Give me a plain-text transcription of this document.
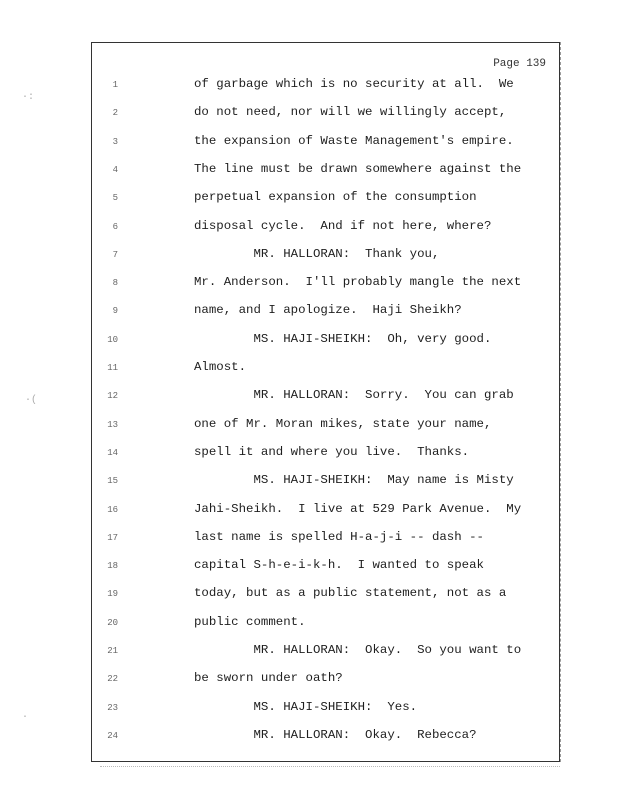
·:
·(
·
Page 139
1	of garbage which is no security at all.  We
2	do not need, nor will we willingly accept,
3	the expansion of Waste Management's empire.
4	The line must be drawn somewhere against the
5	perpetual expansion of the consumption
6	disposal cycle.  And if not here, where?
7	MR. HALLORAN:  Thank you,
8	Mr. Anderson.  I'll probably mangle the next
9	name, and I apologize.  Haji Sheikh?
10	MS. HAJI-SHEIKH:  Oh, very good.
11	Almost.
12	MR. HALLORAN:  Sorry.  You can grab
13	one of Mr. Moran mikes, state your name,
14	spell it and where you live.  Thanks.
15	MS. HAJI-SHEIKH:  May name is Misty
16	Jahi-Sheikh.  I live at 529 Park Avenue.  My
17	last name is spelled H-a-j-i -- dash --
18	capital S-h-e-i-k-h.  I wanted to speak
19	today, but as a public statement, not as a
20	public comment.
21	MR. HALLORAN:  Okay.  So you want to
22	be sworn under oath?
23	MS. HAJI-SHEIKH:  Yes.
24	MR. HALLORAN:  Okay.  Rebecca?
